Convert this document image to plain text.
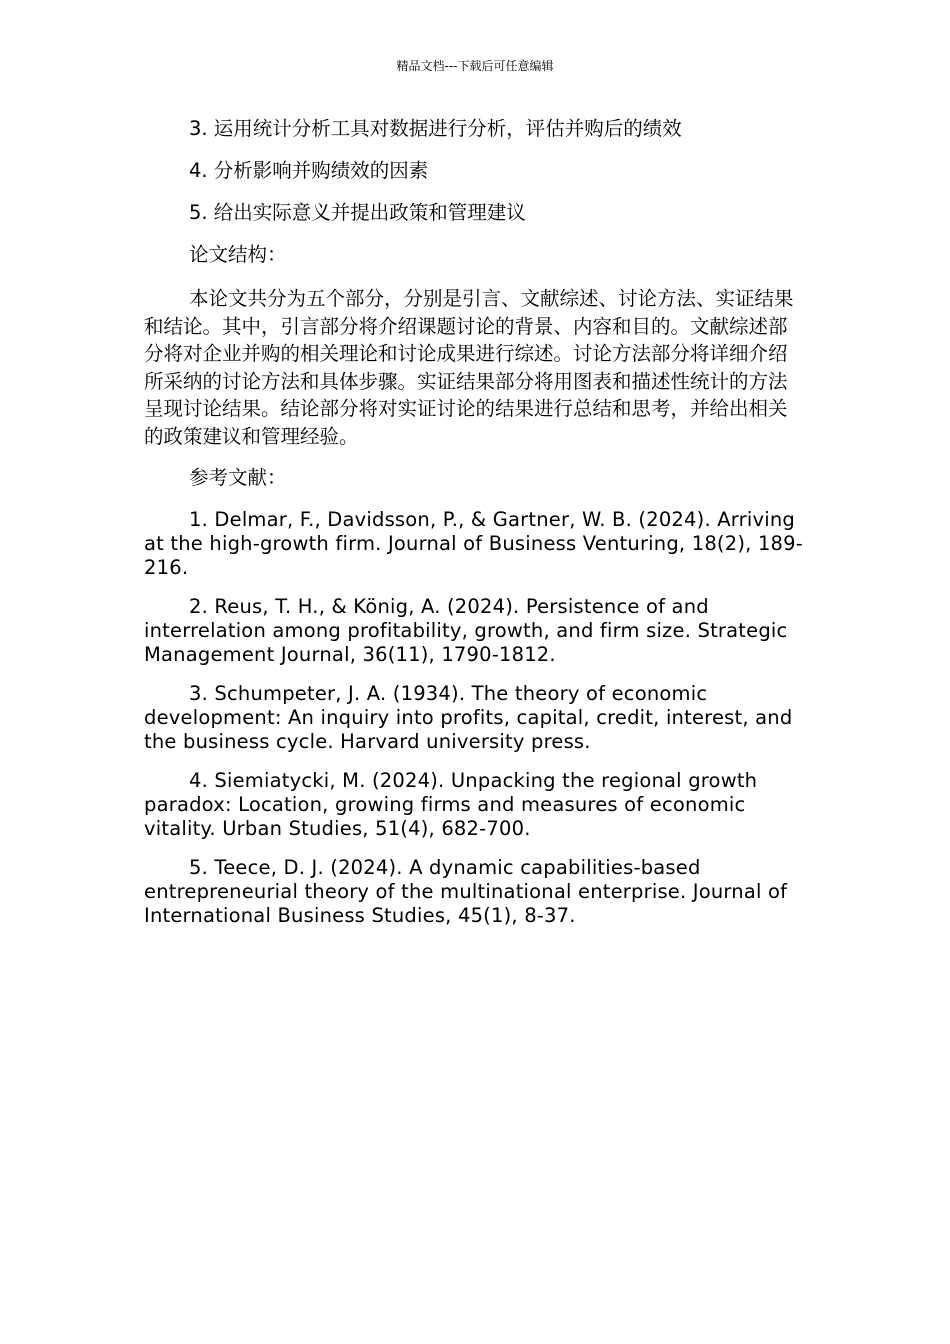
精品文档---下载后可任意编辑

3. 运用统计分析工具对数据进行分析，评估并购后的绩效

4. 分析影响并购绩效的因素

5. 给出实际意义并提出政策和管理建议

论文结构：

本论文共分为五个部分，分别是引言、文献综述、讨论方法、实证结果和结论。其中，引言部分将介绍课题讨论的背景、内容和目的。文献综述部分将对企业并购的相关理论和讨论成果进行综述。讨论方法部分将详细介绍所采纳的讨论方法和具体步骤。实证结果部分将用图表和描述性统计的方法呈现讨论结果。结论部分将对实证讨论的结果进行总结和思考，并给出相关的政策建议和管理经验。

参考文献：

1. Delmar, F., Davidsson, P., & Gartner, W. B. (2024). Arriving at the high-growth firm. Journal of Business Venturing, 18(2), 189-216.

2. Reus, T. H., & König, A. (2024). Persistence of and interrelation among profitability, growth, and firm size. Strategic Management Journal, 36(11), 1790-1812.

3. Schumpeter, J. A. (1934). The theory of economic development: An inquiry into profits, capital, credit, interest, and the business cycle. Harvard university press.

4. Siemiatycki, M. (2024). Unpacking the regional growth paradox: Location, growing firms and measures of economic vitality. Urban Studies, 51(4), 682-700.

5. Teece, D. J. (2024). A dynamic capabilities-based entrepreneurial theory of the multinational enterprise. Journal of International Business Studies, 45(1), 8-37.
